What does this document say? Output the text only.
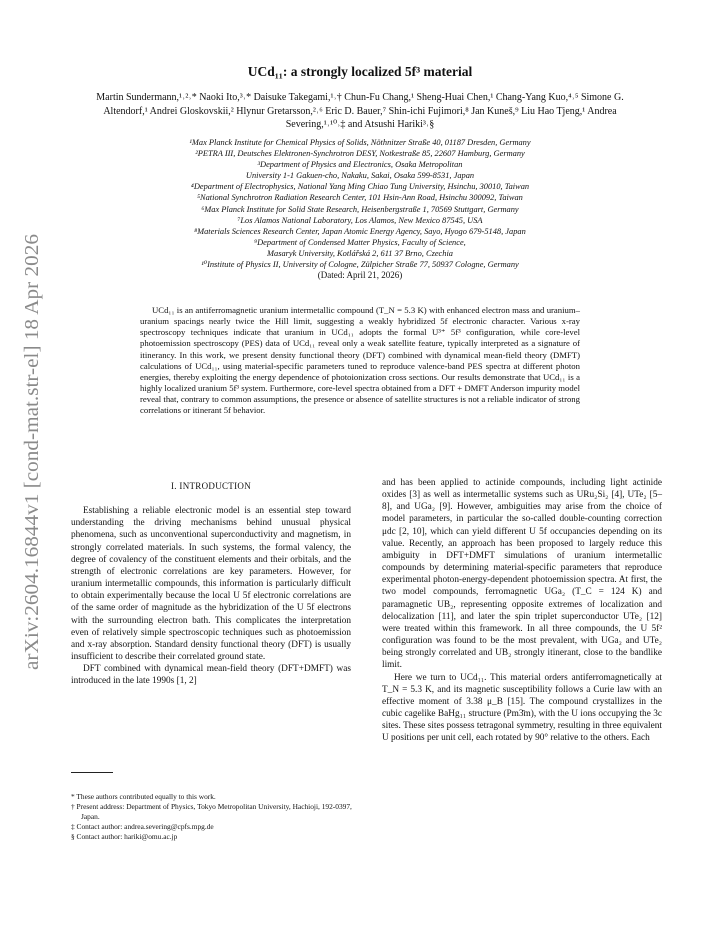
arXiv:2604.16844v1 [cond-mat.str-el] 18 Apr 2026
UCd₁₁: a strongly localized 5f³ material
Martin Sundermann,¹˒²˒* Naoki Ito,³˒* Daisuke Takegami,¹˒† Chun-Fu Chang,¹ Sheng-Huai Chen,¹ Chang-Yang Kuo,⁴˒⁵ Simone G. Altendorf,¹ Andrei Gloskovskii,² Hlynur Gretarsson,²˒⁶ Eric D. Bauer,⁷ Shin-ichi Fujimori,⁸ Jan Kuneš,⁹ Liu Hao Tjeng,¹ Andrea Severing,¹˒¹⁰˒‡ and Atsushi Hariki³˒§
¹Max Planck Institute for Chemical Physics of Solids, Nöthnitzer Straße 40, 01187 Dresden, Germany
²PETRA III, Deutsches Elektronen-Synchrotron DESY, Notkestraße 85, 22607 Hamburg, Germany
³Department of Physics and Electronics, Osaka Metropolitan
University 1-1 Gakuen-cho, Nakaku, Sakai, Osaka 599-8531, Japan
⁴Department of Electrophysics, National Yang Ming Chiao Tung University, Hsinchu, 30010, Taiwan
⁵National Synchrotron Radiation Research Center, 101 Hsin-Ann Road, Hsinchu 300092, Taiwan
⁶Max Planck Institute for Solid State Research, Heisenbergstraße 1, 70569 Stuttgart, Germany
⁷Los Alamos National Laboratory, Los Alamos, New Mexico 87545, USA
⁸Materials Sciences Research Center, Japan Atomic Energy Agency, Sayo, Hyogo 679-5148, Japan
⁹Department of Condensed Matter Physics, Faculty of Science,
Masaryk University, Kotlářská 2, 611 37 Brno, Czechia
¹⁰Institute of Physics II, University of Cologne, Zülpicher Straße 77, 50937 Cologne, Germany
(Dated: April 21, 2026)
UCd₁₁ is an antiferromagnetic uranium intermetallic compound (T_N = 5.3 K) with enhanced electron mass and uranium–uranium spacings nearly twice the Hill limit, suggesting a weakly hybridized 5f electronic character. Various x-ray spectroscopy techniques indicate that uranium in UCd₁₁ adopts the formal U³⁺ 5f³ configuration, while core-level photoemission spectroscopy (PES) data of UCd₁₁ reveal only a weak satellite feature, typically interpreted as a signature of itinerancy. In this work, we present density functional theory (DFT) combined with dynamical mean-field theory (DMFT) calculations of UCd₁₁, using material-specific parameters tuned to reproduce valence-band PES spectra at different photon energies, thereby exploiting the energy dependence of photoionization cross sections. Our results demonstrate that UCd₁₁ is a highly localized uranium 5f³ system. Furthermore, core-level spectra obtained from a DFT + DMFT Anderson impurity model reveal that, contrary to common assumptions, the presence or absence of satellite structures is not a reliable indicator of strong correlations or itinerant 5f behavior.
I. INTRODUCTION

Establishing a reliable electronic model is an essential step toward understanding the driving mechanisms behind unusual physical phenomena, such as unconventional superconductivity and magnetism, in strongly correlated materials. In such systems, the formal valency, the degree of covalency of the constituent elements and their orbitals, and the strength of electronic correlations are key parameters. However, for uranium intermetallic compounds, this information is particularly difficult to obtain experimentally because the local U 5f electronic correlations are of the same order of magnitude as the hybridization of the U 5f electrons with the surrounding electron bath. This complicates the interpretation even of relatively simple spectroscopic techniques such as photoemission and x-ray absorption. Standard density functional theory (DFT) is usually insufficient to describe their correlated ground state.

DFT combined with dynamical mean-field theory (DFT+DMFT) was introduced in the late 1990s [1, 2]

and has been applied to actinide compounds, including light actinide oxides [3] as well as intermetallic systems such as URu₂Si₂ [4], UTe₂ [5–8], and UGa₂ [9]. However, ambiguities may arise from the choice of model parameters, in particular the so-called double-counting correction μdc [2, 10], which can yield different U 5f occupancies depending on its value. Recently, an approach has been proposed to largely reduce this ambiguity in DFT+DMFT simulations of uranium intermetallic compounds by determining material-specific parameters that reproduce experimental photon-energy-dependent photoemission spectra. At first, the two model compounds, ferromagnetic UGa₂ (T_C = 124 K) and paramagnetic UB₂, representing opposite extremes of localization and delocalization [11], and later the spin triplet superconductor UTe₂ [12] were treated within this framework. In all three compounds, the U 5f² configuration was found to be the most prevalent, with UGa₂ and UTe₂ being strongly correlated and UB₂ strongly itinerant, close to the bandlike limit.

Here we turn to UCd₁₁. This material orders antiferromagnetically at T_N = 5.3 K, and its magnetic susceptibility follows a Curie law with an effective moment of 3.38 μ_B [15]. The compound crystallizes in the cubic cagelike BaHg₁₁ structure (Pm3̄m), with the U ions occupying the 3c sites. These sites possess tetragonal symmetry, resulting in three equivalent U positions per unit cell, each rotated by 90° relative to the others. Each

* These authors contributed equally to this work.
† Present address: Department of Physics, Tokyo Metropolitan University, Hachioji, 192-0397, Japan.
‡ Contact author: andrea.severing@cpfs.mpg.de
§ Contact author: hariki@omu.ac.jp
